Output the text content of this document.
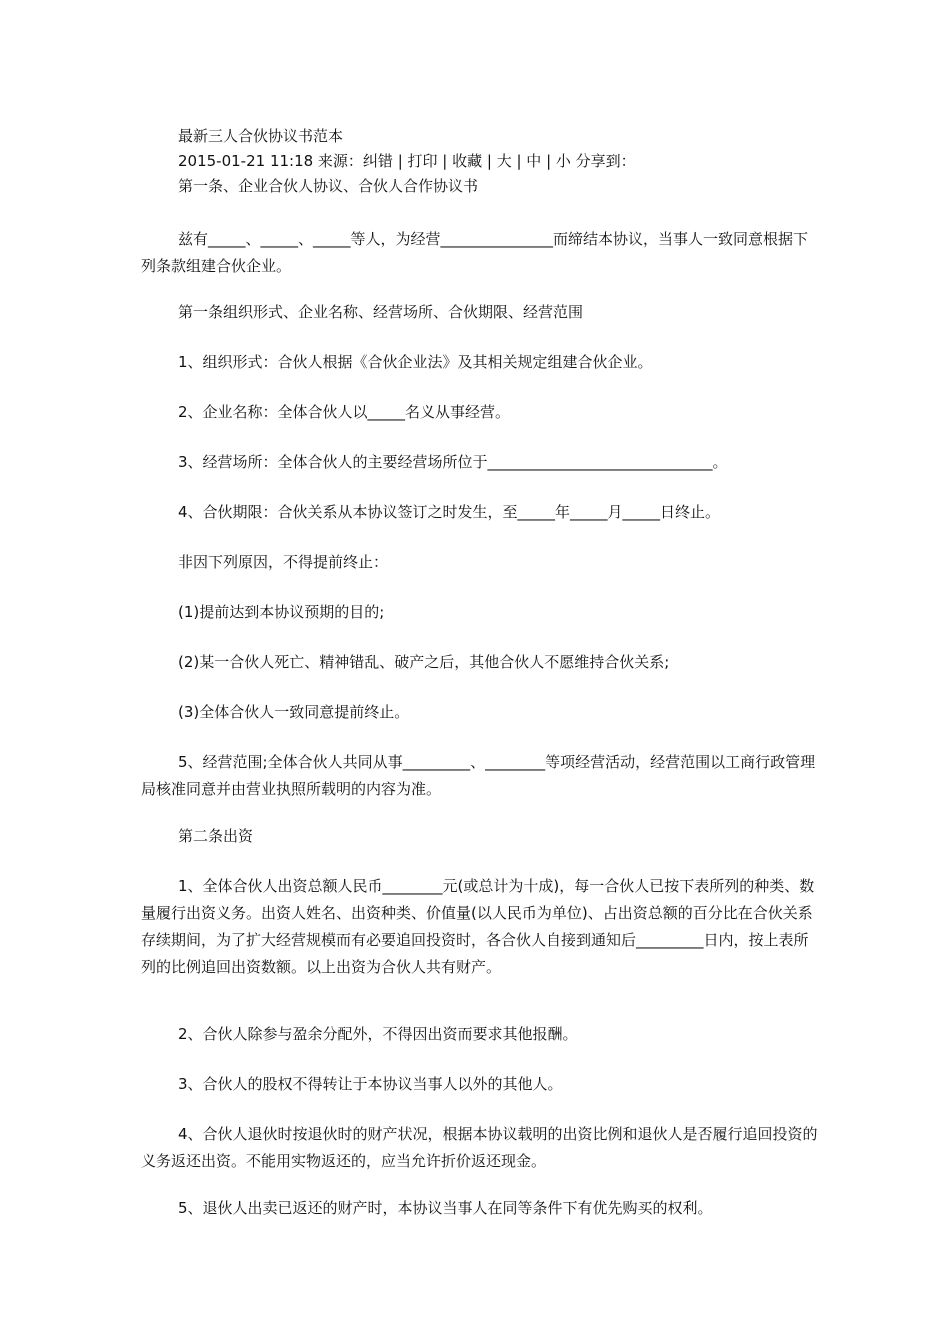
最新三人合伙协议书范本
2015-01-21 11:18 来源：纠错 | 打印 | 收藏 | 大 | 中 | 小 分享到：
第一条、企业合伙人协议、合伙人合作协议书
兹有_____、_____、_____等人，为经营_______________而缔结本协议，当事人一致同意根据下列条款组建合伙企业。
第一条组织形式、企业名称、经营场所、合伙期限、经营范围
1、组织形式：合伙人根据《合伙企业法》及其相关规定组建合伙企业。
2、企业名称：全体合伙人以_____名义从事经营。
3、经营场所：全体合伙人的主要经营场所位于______________________________。
4、合伙期限：合伙关系从本协议签订之时发生，至_____年_____月_____日终止。
非因下列原因，不得提前终止：
(1)提前达到本协议预期的目的;
(2)某一合伙人死亡、精神错乱、破产之后，其他合伙人不愿维持合伙关系;
(3)全体合伙人一致同意提前终止。
5、经营范围;全体合伙人共同从事_________、________等项经营活动，经营范围以工商行政管理局核准同意并由营业执照所载明的内容为准。
第二条出资
1、全体合伙人出资总额人民币________元(或总计为十成)，每一合伙人已按下表所列的种类、数量履行出资义务。出资人姓名、出资种类、价值量(以人民币为单位)、占出资总额的百分比在合伙关系存续期间，为了扩大经营规模而有必要追回投资时，各合伙人自接到通知后_________日内，按上表所列的比例追回出资数额。以上出资为合伙人共有财产。
2、合伙人除参与盈余分配外，不得因出资而要求其他报酬。
3、合伙人的股权不得转让于本协议当事人以外的其他人。
4、合伙人退伙时按退伙时的财产状况，根据本协议载明的出资比例和退伙人是否履行追回投资的义务返还出资。不能用实物返还的，应当允许折价返还现金。
5、退伙人出卖已返还的财产时，本协议当事人在同等条件下有优先购买的权利。
